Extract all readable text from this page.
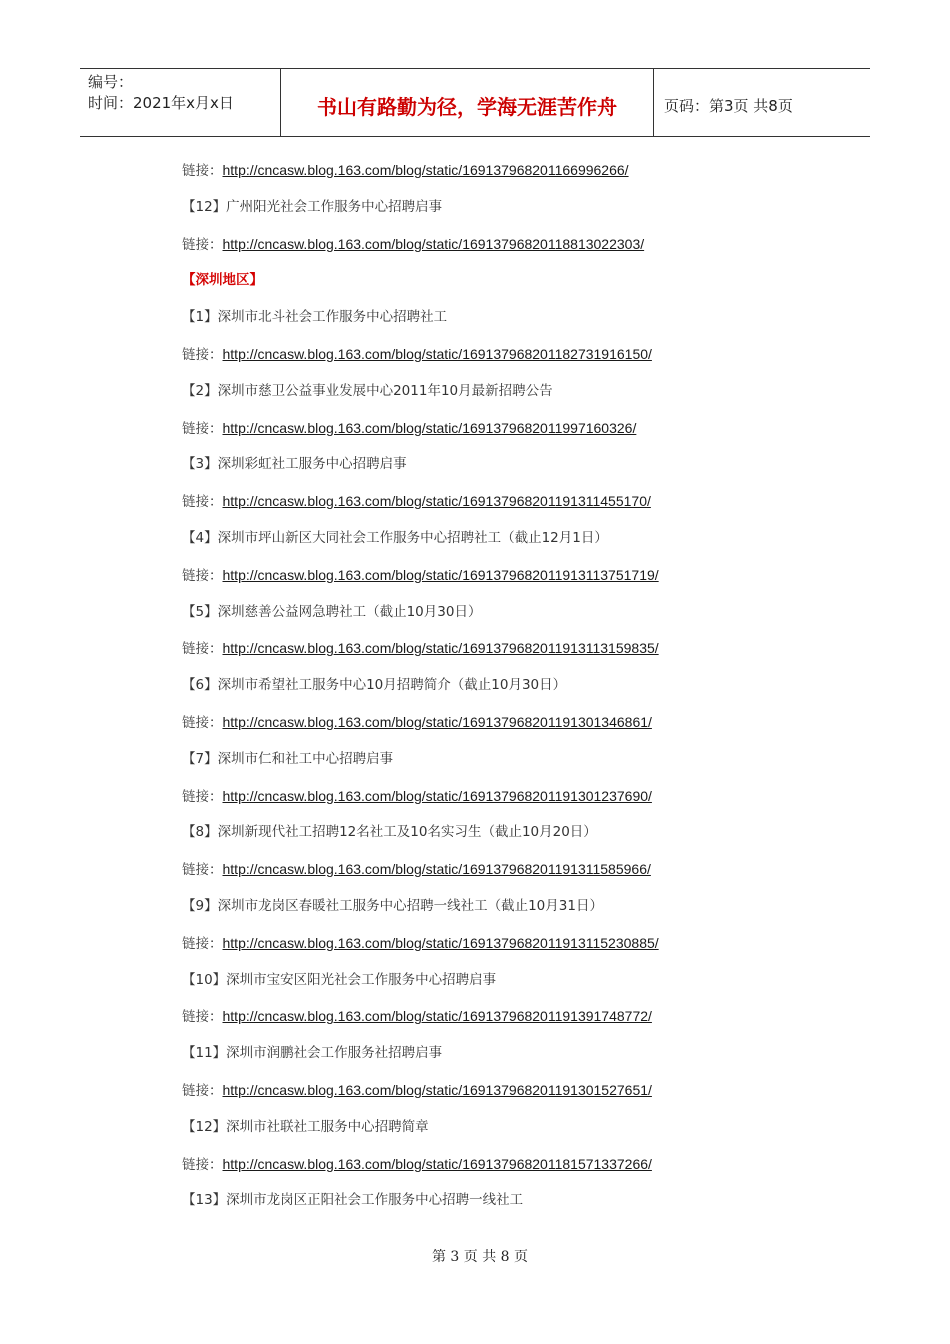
编号：
时间：2021年x月x日	书山有路勤为径，学海无涯苦作舟	页码：第3页 共8页
链接：http://cncasw.blog.163.com/blog/static/169137968201166996266/
【12】广州阳光社会工作服务中心招聘启事
链接：http://cncasw.blog.163.com/blog/static/16913796820118813022303/
【深圳地区】
【1】深圳市北斗社会工作服务中心招聘社工
链接：http://cncasw.blog.163.com/blog/static/169137968201182731916150/
【2】深圳市慈卫公益事业发展中心2011年10月最新招聘公告
链接：http://cncasw.blog.163.com/blog/static/1691379682011997160326/
【3】深圳彩虹社工服务中心招聘启事
链接：http://cncasw.blog.163.com/blog/static/169137968201191311455170/
【4】深圳市坪山新区大同社会工作服务中心招聘社工（截止12月1日）
链接：http://cncasw.blog.163.com/blog/static/1691379682011913113751719/
【5】深圳慈善公益网急聘社工（截止10月30日）
链接：http://cncasw.blog.163.com/blog/static/1691379682011913113159835/
【6】深圳市希望社工服务中心10月招聘简介（截止10月30日）
链接：http://cncasw.blog.163.com/blog/static/169137968201191301346861/
【7】深圳市仁和社工中心招聘启事
链接：http://cncasw.blog.163.com/blog/static/169137968201191301237690/
【8】深圳新现代社工招聘12名社工及10名实习生（截止10月20日）
链接：http://cncasw.blog.163.com/blog/static/169137968201191311585966/
【9】深圳市龙岗区春暖社工服务中心招聘一线社工（截止10月31日）
链接：http://cncasw.blog.163.com/blog/static/1691379682011913115230885/
【10】深圳市宝安区阳光社会工作服务中心招聘启事
链接：http://cncasw.blog.163.com/blog/static/169137968201191391748772/
【11】深圳市润鹏社会工作服务社招聘启事
链接：http://cncasw.blog.163.com/blog/static/169137968201191301527651/
【12】深圳市社联社工服务中心招聘简章
链接：http://cncasw.blog.163.com/blog/static/169137968201181571337266/
【13】深圳市龙岗区正阳社会工作服务中心招聘一线社工
第 3 页 共 8 页
